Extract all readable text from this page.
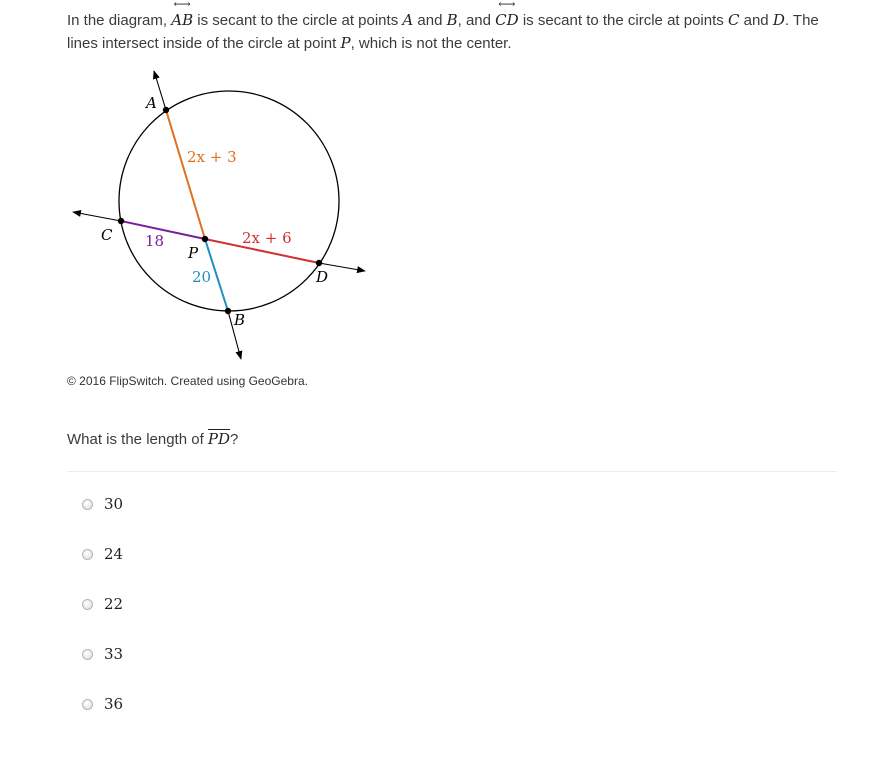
In the diagram, ⟷ AB is secant to the circle at points A and B, and ⟷ CD is secant to the circle at points C and D. The lines intersect inside of the circle at point P, which is not the center.
A
B
C
D
P
2x + 3
2x + 6
18
20
© 2016 FlipSwitch. Created using GeoGebra.
What is the length of PD?
30
24
22
33
36
